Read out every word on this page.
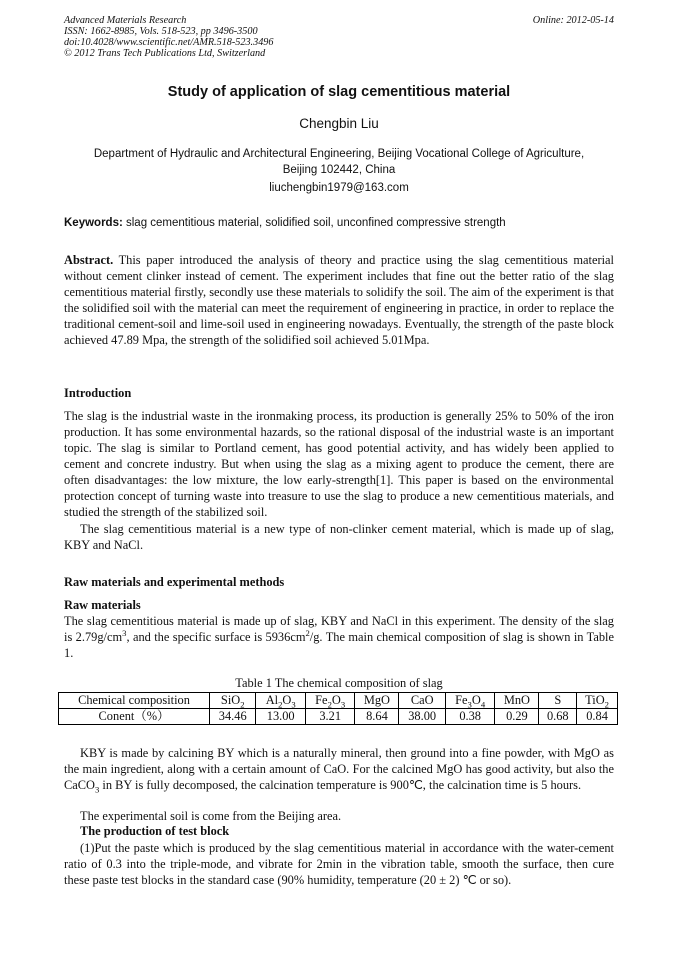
Advanced Materials Research
ISSN: 1662-8985, Vols. 518-523, pp 3496-3500
doi:10.4028/www.scientific.net/AMR.518-523.3496
© 2012 Trans Tech Publications Ltd, Switzerland
Online: 2012-05-14
Study of application of slag cementitious material
Chengbin Liu
Department of Hydraulic and Architectural Engineering, Beijing Vocational College of Agriculture,
Beijing 102442, China
liuchengbin1979@163.com
Keywords: slag cementitious material, solidified soil, unconfined compressive strength
Abstract. This paper introduced the analysis of theory and practice using the slag cementitious material without cement clinker instead of cement. The experiment includes that fine out the better ratio of the slag cementitious material firstly, secondly use these materials to solidify the soil. The aim of the experiment is that the solidified soil with the material can meet the requirement of engineering in practice, in order to replace the traditional cement-soil and lime-soil used in engineering nowadays. Eventually, the strength of the paste block achieved 47.89 Mpa, the strength of the solidified soil achieved 5.01Mpa.
Introduction
The slag is the industrial waste in the ironmaking process, its production is generally 25% to 50% of the iron production. It has some environmental hazards, so the rational disposal of the industrial waste is an important topic. The slag is similar to Portland cement, has good potential activity, and has widely been applied to cement and concrete industry. But when using the slag as a mixing agent to produce the cement, there are often disadvantages: the low mixture, the low early-strength[1]. This paper is based on the environmental protection concept of turning waste into treasure to use the slag to produce a new cementitious materials, and studied the strength of the stabilized soil.
The slag cementitious material is a new type of non-clinker cement material, which is made up of slag, KBY and NaCl.
Raw materials and experimental methods
Raw materials
The slag cementitious material is made up of slag, KBY and NaCl in this experiment. The density of the slag is $2.79g/cm^3$, and the specific surface is $5936cm^2/g$. The main chemical composition of slag is shown in Table 1.
Table 1 The chemical composition of slag
Chemical composition	SiO$_2$	$Al_2O_3$	$Fe_2O_3$	MgO	CaO	$Fe_3O_4$	MnO	S	TiO$_2$
Conent（%）	34.46	13.00	3.21	8.64	38.00	0.38	0.29	0.68	0.84
KBY is made by calcining BY which is a naturally mineral, then ground into a fine powder, with MgO as the main ingredient, along with a certain amount of CaO. For the calcined MgO has good activity, but also the CaCO$_3$ in BY is fully decomposed, the calcination temperature is 900℃, the calcination time is 5 hours.
The experimental soil is come from the Beijing area.
The production of test block
(1)Put the paste which is produced by the slag cementitious material in accordance with the water-cement ratio of 0.3 into the triple-mode, and vibrate for 2min in the vibration table, smooth the surface, then cure these paste test blocks in the standard case (90% humidity, temperature (20 ± 2) ℃ or so).
